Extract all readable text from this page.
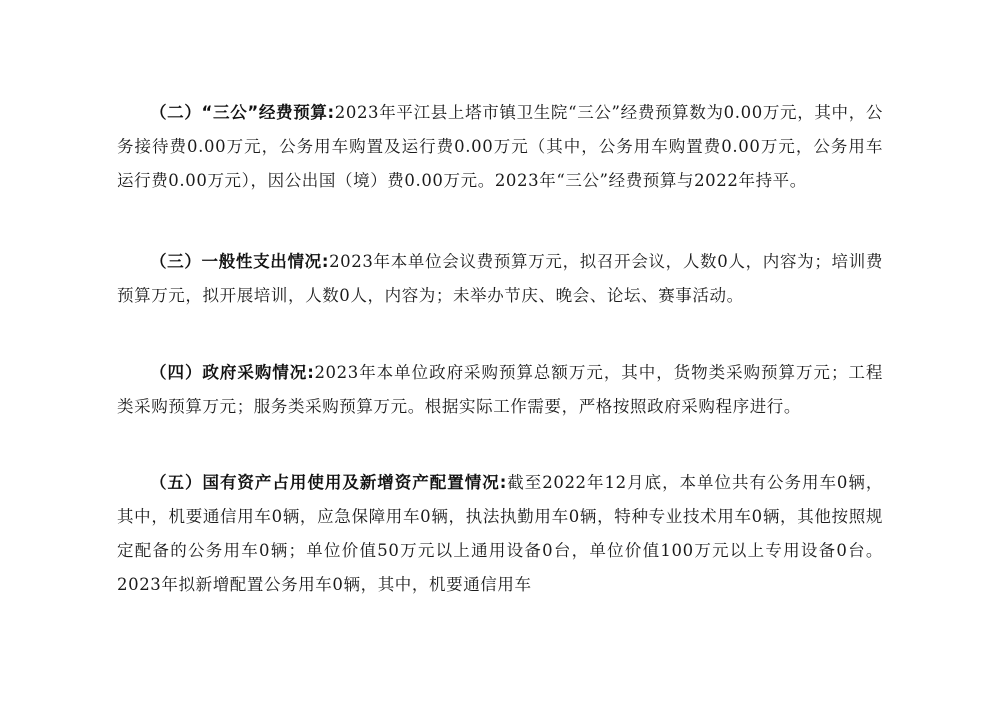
（二）“三公”经费预算:2023年平江县上塔市镇卫生院“三公”经费预算数为0.00万元，其中，公务接待费0.00万元，公务用车购置及运行费0.00万元（其中，公务用车购置费0.00万元，公务用车运行费0.00万元），因公出国（境）费0.00万元。2023年“三公”经费预算与2022年持平。

（三）一般性支出情况:2023年本单位会议费预算万元，拟召开会议，人数0人，内容为；培训费预算万元，拟开展培训，人数0人，内容为；未举办节庆、晚会、论坛、赛事活动。

（四）政府采购情况:2023年本单位政府采购预算总额万元，其中，货物类采购预算万元；工程类采购预算万元；服务类采购预算万元。根据实际工作需要，严格按照政府采购程序进行。

（五）国有资产占用使用及新增资产配置情况:截至2022年12月底，本单位共有公务用车0辆，其中，机要通信用车0辆，应急保障用车0辆，执法执勤用车0辆，特种专业技术用车0辆，其他按照规定配备的公务用车0辆；单位价值50万元以上通用设备0台，单位价值100万元以上专用设备0台。2023年拟新增配置公务用车0辆，其中，机要通信用车
